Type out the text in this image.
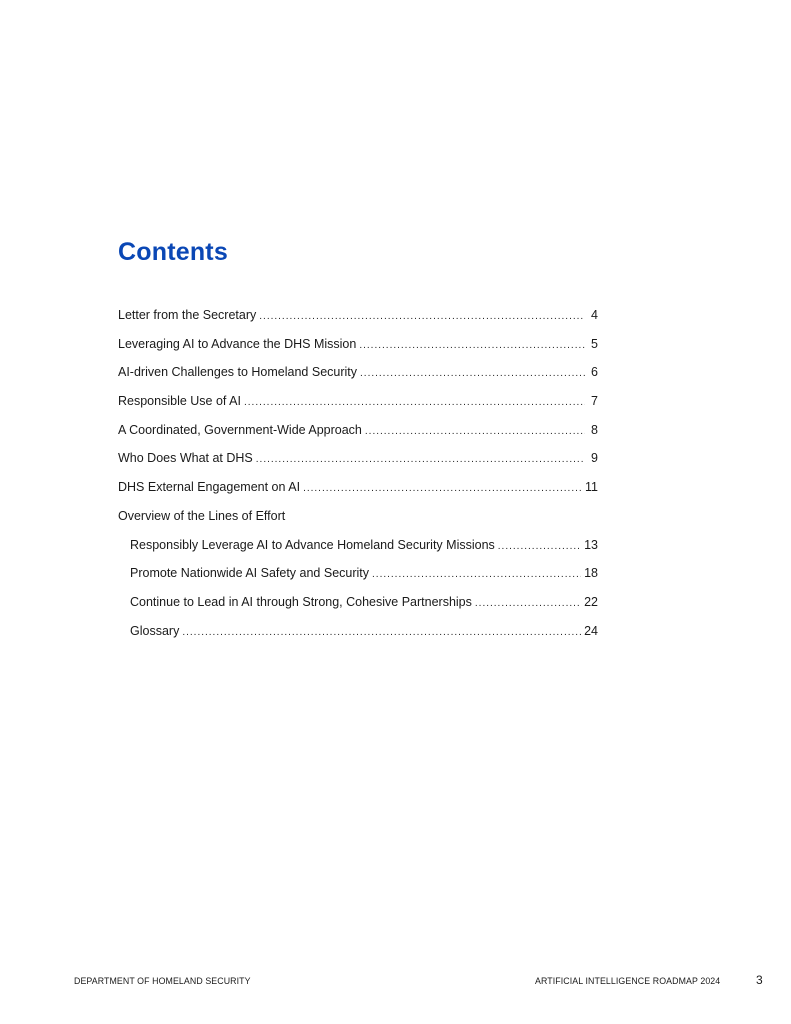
Contents
Letter from the Secretary .....	4
Leveraging AI to Advance the DHS Mission .....	5
AI-driven Challenges to Homeland Security .....	6
Responsible Use of AI .....	7
A Coordinated, Government-Wide Approach .....	8
Who Does What at DHS .....	9
DHS External Engagement on AI .....	11
Overview of the Lines of Effort
Responsibly Leverage AI to Advance Homeland Security Missions .....	13
Promote Nationwide AI Safety and Security .....	18
Continue to Lead in AI through Strong, Cohesive Partnerships .....	22
Glossary .....	24
DEPARTMENT OF HOMELAND SECURITY	ARTIFICIAL INTELLIGENCE ROADMAP 2024	3
